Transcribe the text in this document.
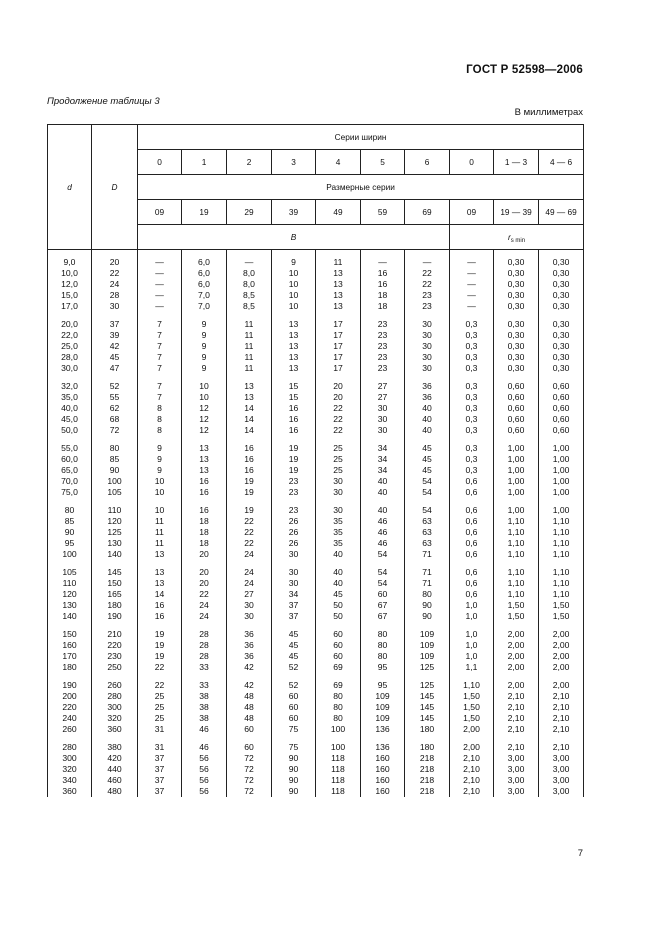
ГОСТ Р 52598—2006
Продолжение таблицы 3
В миллиметрах
d	D	Серии ширин									
		0	1	2	3	4	5	6	0	1 — 3	4 — 6
		Размерные серии									
		09	19	29	39	49	59	69	09	19 — 39	49 — 69
		B							$r_{s min}$

9,0	20	—	6,0	—	9	11	—	—	—	0,30	0,30
10,0	22	—	6,0	8,0	10	13	16	22	—	0,30	0,30
12,0	24	—	6,0	8,0	10	13	16	22	—	0,30	0,30
15,0	28	—	7,0	8,5	10	13	18	23	—	0,30	0,30
17,0	30	—	7,0	8,5	10	13	18	23	—	0,30	0,30

20,0	37	7	9	11	13	17	23	30	0,3	0,30	0,30
22,0	39	7	9	11	13	17	23	30	0,3	0,30	0,30
25,0	42	7	9	11	13	17	23	30	0,3	0,30	0,30
28,0	45	7	9	11	13	17	23	30	0,3	0,30	0,30
30,0	47	7	9	11	13	17	23	30	0,3	0,30	0,30

32,0	52	7	10	13	15	20	27	36	0,3	0,60	0,60
35,0	55	7	10	13	15	20	27	36	0,3	0,60	0,60
40,0	62	8	12	14	16	22	30	40	0,3	0,60	0,60
45,0	68	8	12	14	16	22	30	40	0,3	0,60	0,60
50,0	72	8	12	14	16	22	30	40	0,3	0,60	0,60

55,0	80	9	13	16	19	25	34	45	0,3	1,00	1,00
60,0	85	9	13	16	19	25	34	45	0,3	1,00	1,00
65,0	90	9	13	16	19	25	34	45	0,3	1,00	1,00
70,0	100	10	16	19	23	30	40	54	0,6	1,00	1,00
75,0	105	10	16	19	23	30	40	54	0,6	1,00	1,00

80	110	10	16	19	23	30	40	54	0,6	1,00	1,00
85	120	11	18	22	26	35	46	63	0,6	1,10	1,10
90	125	11	18	22	26	35	46	63	0,6	1,10	1,10
95	130	11	18	22	26	35	46	63	0,6	1,10	1,10
100	140	13	20	24	30	40	54	71	0,6	1,10	1,10

105	145	13	20	24	30	40	54	71	0,6	1,10	1,10
110	150	13	20	24	30	40	54	71	0,6	1,10	1,10
120	165	14	22	27	34	45	60	80	0,6	1,10	1,10
130	180	16	24	30	37	50	67	90	1,0	1,50	1,50
140	190	16	24	30	37	50	67	90	1,0	1,50	1,50

150	210	19	28	36	45	60	80	109	1,0	2,00	2,00
160	220	19	28	36	45	60	80	109	1,0	2,00	2,00
170	230	19	28	36	45	60	80	109	1,0	2,00	2,00
180	250	22	33	42	52	69	95	125	1,1	2,00	2,00

190	260	22	33	42	52	69	95	125	1,10	2,00	2,00
200	280	25	38	48	60	80	109	145	1,50	2,10	2,10
220	300	25	38	48	60	80	109	145	1,50	2,10	2,10
240	320	25	38	48	60	80	109	145	1,50	2,10	2,10
260	360	31	46	60	75	100	136	180	2,00	2,10	2,10

280	380	31	46	60	75	100	136	180	2,00	2,10	2,10
300	420	37	56	72	90	118	160	218	2,10	3,00	3,00
320	440	37	56	72	90	118	160	218	2,10	3,00	3,00
340	460	37	56	72	90	118	160	218	2,10	3,00	3,00
360	480	37	56	72	90	118	160	218	2,10	3,00	3,00
7
